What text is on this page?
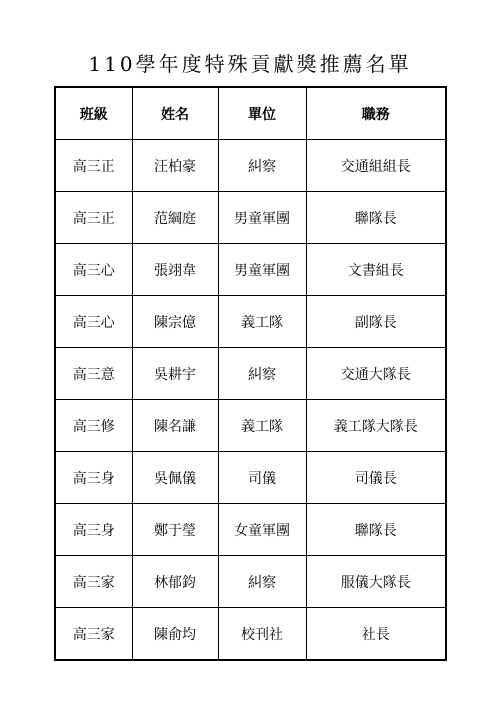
110學年度特殊貢獻獎推薦名單
班級	姓名	單位	職務
高三正	汪柏豪	糾察	交通組組長
高三正	范綱庭	男童軍團	聯隊長
高三心	張翊韋	男童軍團	文書組長
高三心	陳宗億	義工隊	副隊長
高三意	吳耕宇	糾察	交通大隊長
高三修	陳名謙	義工隊	義工隊大隊長
高三身	吳佩儀	司儀	司儀長
高三身	鄭于瑩	女童軍團	聯隊長
高三家	林郁鈞	糾察	服儀大隊長
高三家	陳俞均	校刊社	社長
